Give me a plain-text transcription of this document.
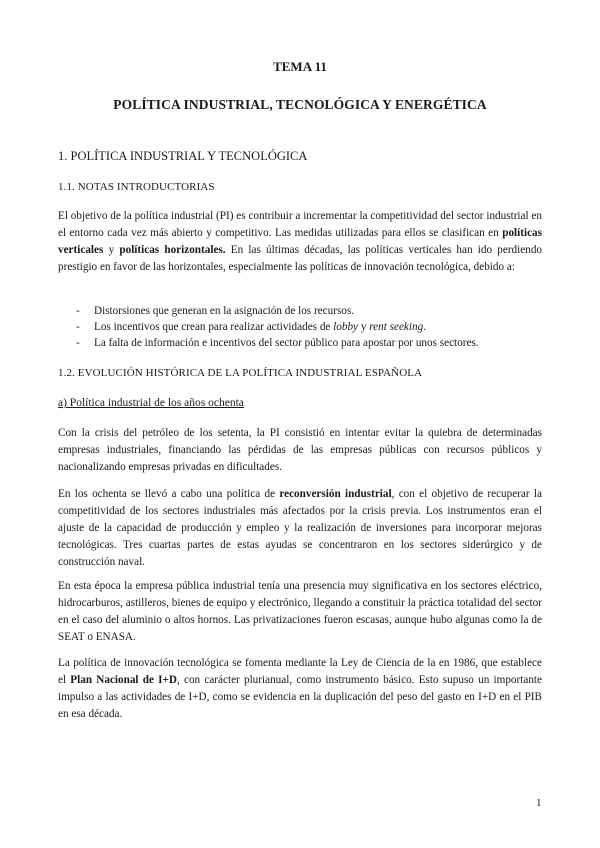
TEMA 11
POLÍTICA INDUSTRIAL, TECNOLÓGICA Y ENERGÉTICA
1. POLÍTICA INDUSTRIAL Y TECNOLÓGICA
1.1. NOTAS INTRODUCTORIAS

El objetivo de la política industrial (PI) es contribuir a incrementar la competitividad del sector industrial en el entorno cada vez más abierto y competitivo. Las medidas utilizadas para ellos se clasifican en políticas verticales y políticas horizontales. En las últimas décadas, las políticas verticales han ido perdiendo prestigio en favor de las horizontales, especialmente las políticas de innovación tecnológica, debido a:

- Distorsiones que generan en la asignación de los recursos.
- Los incentivos que crean para realizar actividades de lobby y rent seeking.
- La falta de información e incentivos del sector público para apostar por unos sectores.
1.2. EVOLUCIÓN HISTÓRICA DE LA POLÍTICA INDUSTRIAL ESPAÑOLA
a) Política industrial de los años ochenta

Con la crisis del petróleo de los setenta, la PI consistió en intentar evitar la quiebra de determinadas empresas industriales, financiando las pérdidas de las empresas públicas con recursos públicos y nacionalizando empresas privadas en dificultades.

En los ochenta se llevó a cabo una política de reconversión industrial, con el objetivo de recuperar la competitividad de los sectores industriales más afectados por la crisis previa. Los instrumentos eran el ajuste de la capacidad de producción y empleo y la realización de inversiones para incorporar mejoras tecnológicas. Tres cuartas partes de estas ayudas se concentraron en los sectores siderúrgico y de construcción naval.

En esta época la empresa pública industrial tenía una presencia muy significativa en los sectores eléctrico, hidrocarburos, astilleros, bienes de equipo y electrónico, llegando a constituir la práctica totalidad del sector en el caso del aluminio o altos hornos. Las privatizaciones fueron escasas, aunque hubo algunas como la de SEAT o ENASA.

La política de innovación tecnológica se fomenta mediante la Ley de Ciencia de la en 1986, que establece el Plan Nacional de I+D, con carácter plurianual, como instrumento básico. Esto supuso un importante impulso a las actividades de I+D, como se evidencia en la duplicación del peso del gasto en I+D en el PIB en esa década.

1
